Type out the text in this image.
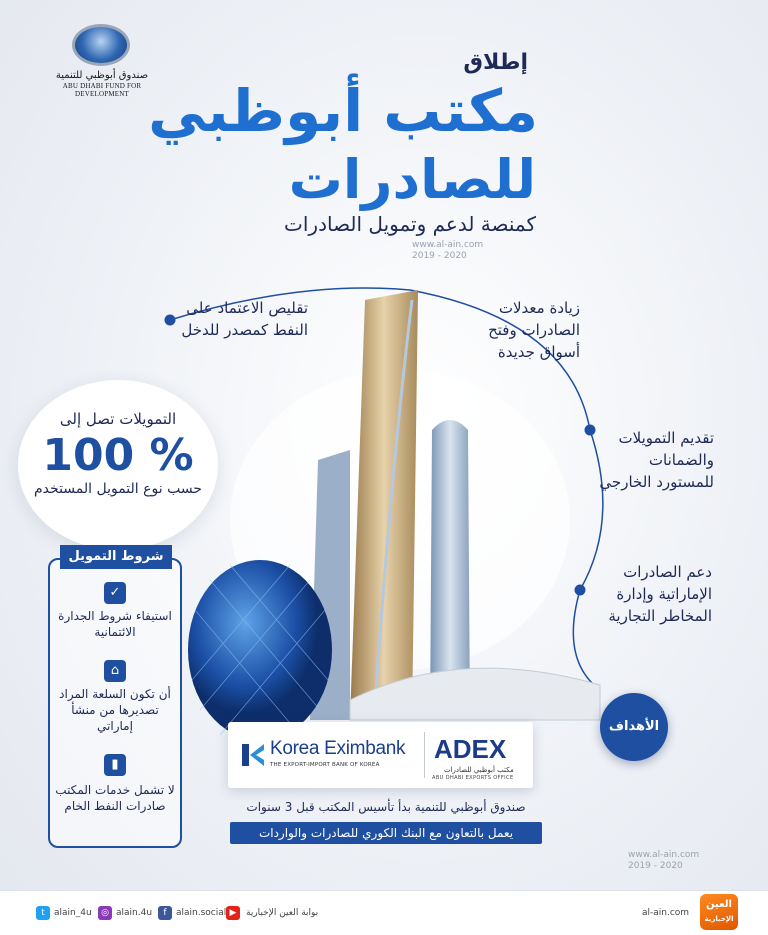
صندوق أبوظبي للتنمية
ABU DHABI FUND FOR DEVELOPMENT
إطلاق
مكتب أبوظبي
للصادرات
كمنصة لدعم وتمويل الصادرات
www.al-ain.com
2019 - 2020
www.al-ain.com
2019 - 2020
زيادة معدلات الصادرات وفتح أسواق جديدة
تقديم التمويلات والضمانات للمستورد الخارجي
دعم الصادرات الإماراتية وإدارة المخاطر التجارية
تقليص الاعتماد على النفط كمصدر للدخل
الأهداف
التمويلات تصل إلى
100 %
حسب نوع التمويل المستخدم
شروط التمويل
✓
استيفاء شروط الجدارة الائتمانية
⌂
أن تكون السلعة المراد تصديرها من منشأ إماراتي
▮
لا تشمل خدمات المكتب صادرات النفط الخام
Korea Eximbank
THE EXPORT-IMPORT BANK OF KOREA
ADEX
مكتب أبوظبي للصادرات
ABU DHABI EXPORTS OFFICE
صندوق أبوظبي للتنمية بدأ تأسيس المكتب قبل 3 سنوات
يعمل بالتعاون مع البنك الكوري للصادرات والواردات
t	alain_4u	◎ alain.4u	f	alain.social ▶	بوابة العين الإخبارية	al-ain.com
العين
الإخبارية
